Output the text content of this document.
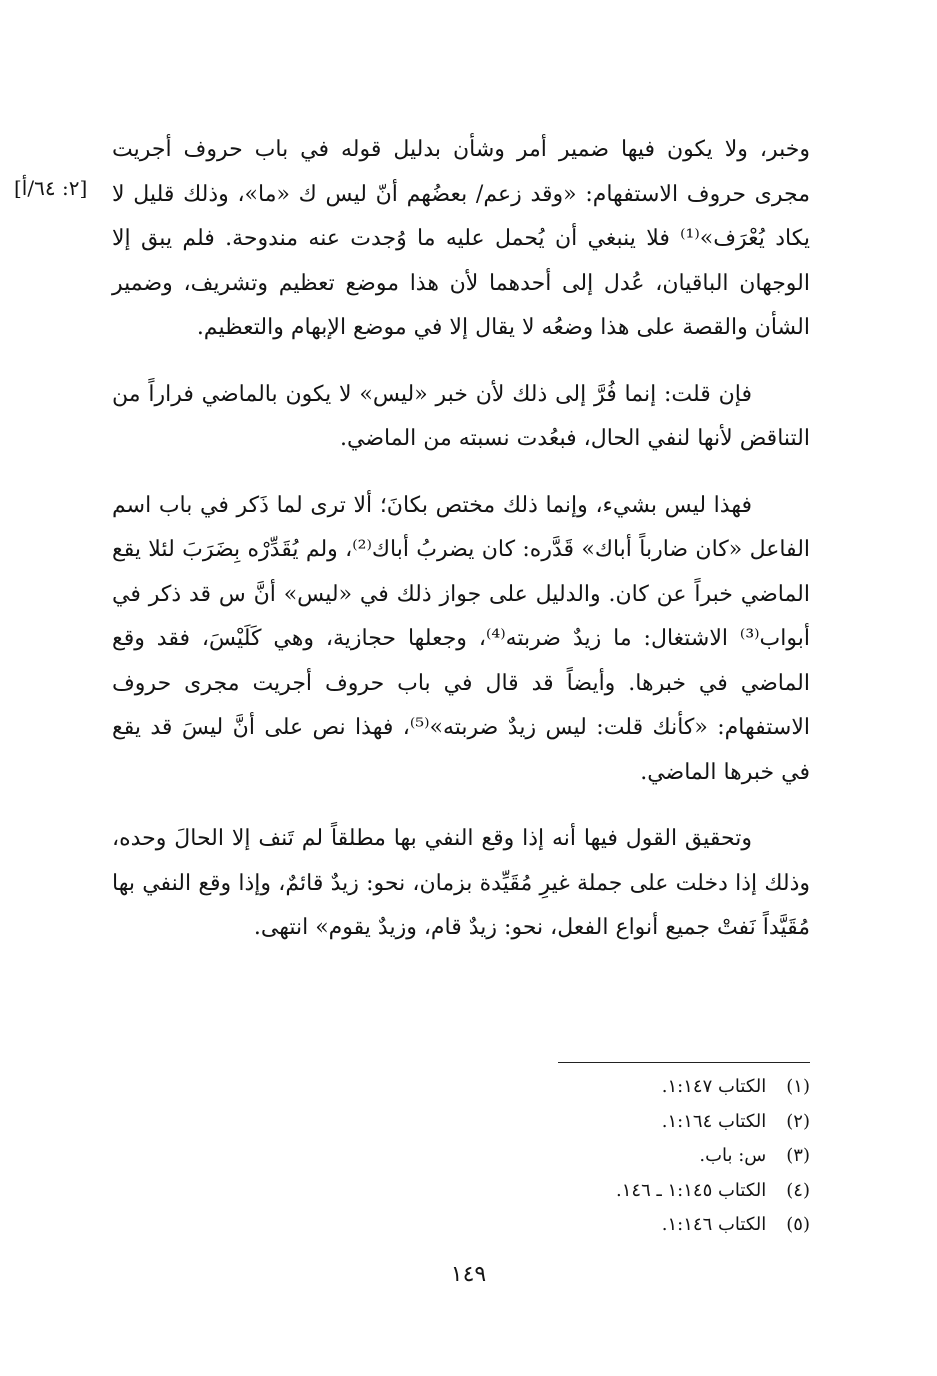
[٢: ٦٤/أ]

وخبر، ولا يكون فيها ضمير أمر وشأن بدليل قوله في باب حروف أجريت مجرى حروف الاستفهام: «وقد زعم/ بعضُهم أنّ ليس ك «ما»، وذلك قليل لا يكاد يُعْرَف»⁽¹⁾ فلا ينبغي أن يُحمل عليه ما وُجدت عنه مندوحة. فلم يبق إلا الوجهان الباقيان، عُدل إلى أحدهما لأن هذا موضع تعظيم وتشريف، وضمير الشأن والقصة على هذا وضعُه لا يقال إلا في موضع الإبهام والتعظيم.

فإن قلت: إنما فُرَّ إلى ذلك لأن خبر «ليس» لا يكون بالماضي فراراً من التناقض لأنها لنفي الحال، فبعُدت نسبته من الماضي.

فهذا ليس بشيء، وإنما ذلك مختص بكانَ؛ ألا ترى لما ذَكر في باب اسم الفاعل «كان ضارباً أباك» قَدَّره: كان يضربُ أباك⁽²⁾، ولم يُقَدِّرْه بِضَرَبَ لئلا يقع الماضي خبراً عن كان. والدليل على جواز ذلك في «ليس» أنَّ س قد ذكر في أبواب⁽³⁾ الاشتغال: ما زيدٌ ضربته⁽⁴⁾، وجعلها حجازية، وهي كَلَيْسَ، فقد وقع الماضي في خبرها. وأيضاً قد قال في باب حروف أجريت مجرى حروف الاستفهام: «كأنك قلت: ليس زيدٌ ضربته»⁽⁵⁾، فهذا نص على أنَّ ليسَ قد يقع في خبرها الماضي.

وتحقيق القول فيها أنه إذا وقع النفي بها مطلقاً لم تَنف إلا الحالَ وحده، وذلك إذا دخلت على جملة غيرِ مُقَيِّدة بزمان، نحو: زيدٌ قائمٌ، وإذا وقع النفي بها مُقَيَّداً نَفتْ جميع أنواع الفعل، نحو: زيدٌ قام، وزيدٌ يقوم» انتهى.

(١) الكتاب ١:١٤٧.
(٢) الكتاب ١:١٦٤.
(٣) س: باب.
(٤) الكتاب ١:١٤٥ ـ ١٤٦.
(٥) الكتاب ١:١٤٦.
١٤٩
